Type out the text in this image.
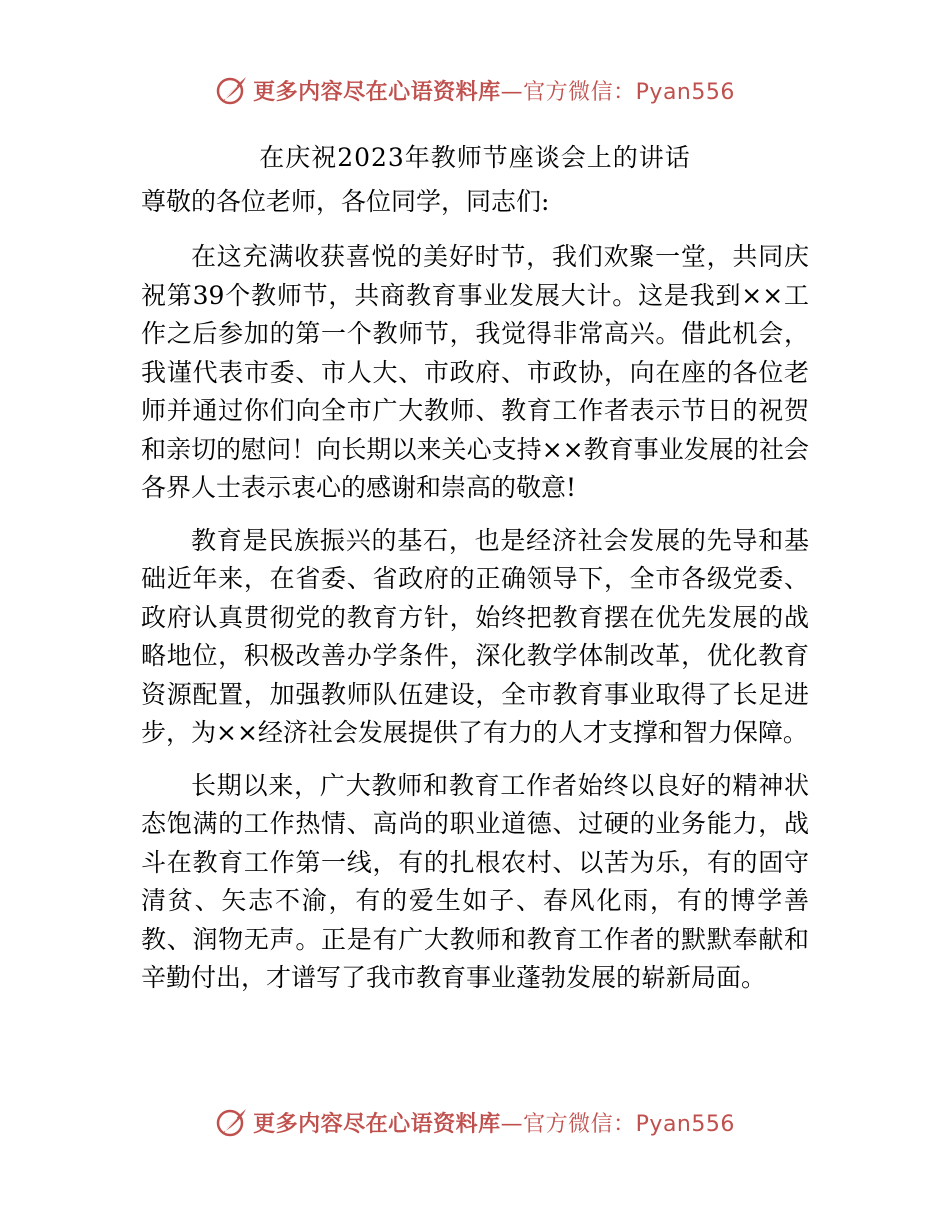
更多内容尽在心语资料库—官方微信：Pyan556
在庆祝2023年教师节座谈会上的讲话
尊敬的各位老师，各位同学，同志们:

在这充满收获喜悦的美好时节，我们欢聚一堂，共同庆祝第39个教师节，共商教育事业发展大计。这是我到××工作之后参加的第一个教师节，我觉得非常高兴。借此机会，我谨代表市委、市人大、市政府、市政协，向在座的各位老师并通过你们向全市广大教师、教育工作者表示节日的祝贺和亲切的慰问！向长期以来关心支持××教育事业发展的社会各界人士表示衷心的感谢和崇高的敬意!

教育是民族振兴的基石，也是经济社会发展的先导和基础近年来，在省委、省政府的正确领导下，全市各级党委、政府认真贯彻党的教育方针，始终把教育摆在优先发展的战略地位，积极改善办学条件，深化教学体制改革，优化教育资源配置，加强教师队伍建设，全市教育事业取得了长足进步，为××经济社会发展提供了有力的人才支撑和智力保障。

长期以来，广大教师和教育工作者始终以良好的精神状态饱满的工作热情、高尚的职业道德、过硬的业务能力，战斗在教育工作第一线，有的扎根农村、以苦为乐，有的固守清贫、矢志不渝，有的爱生如子、春风化雨，有的博学善教、润物无声。正是有广大教师和教育工作者的默默奉献和辛勤付出，才谱写了我市教育事业蓬勃发展的崭新局面。

更多内容尽在心语资料库—官方微信：Pyan556
